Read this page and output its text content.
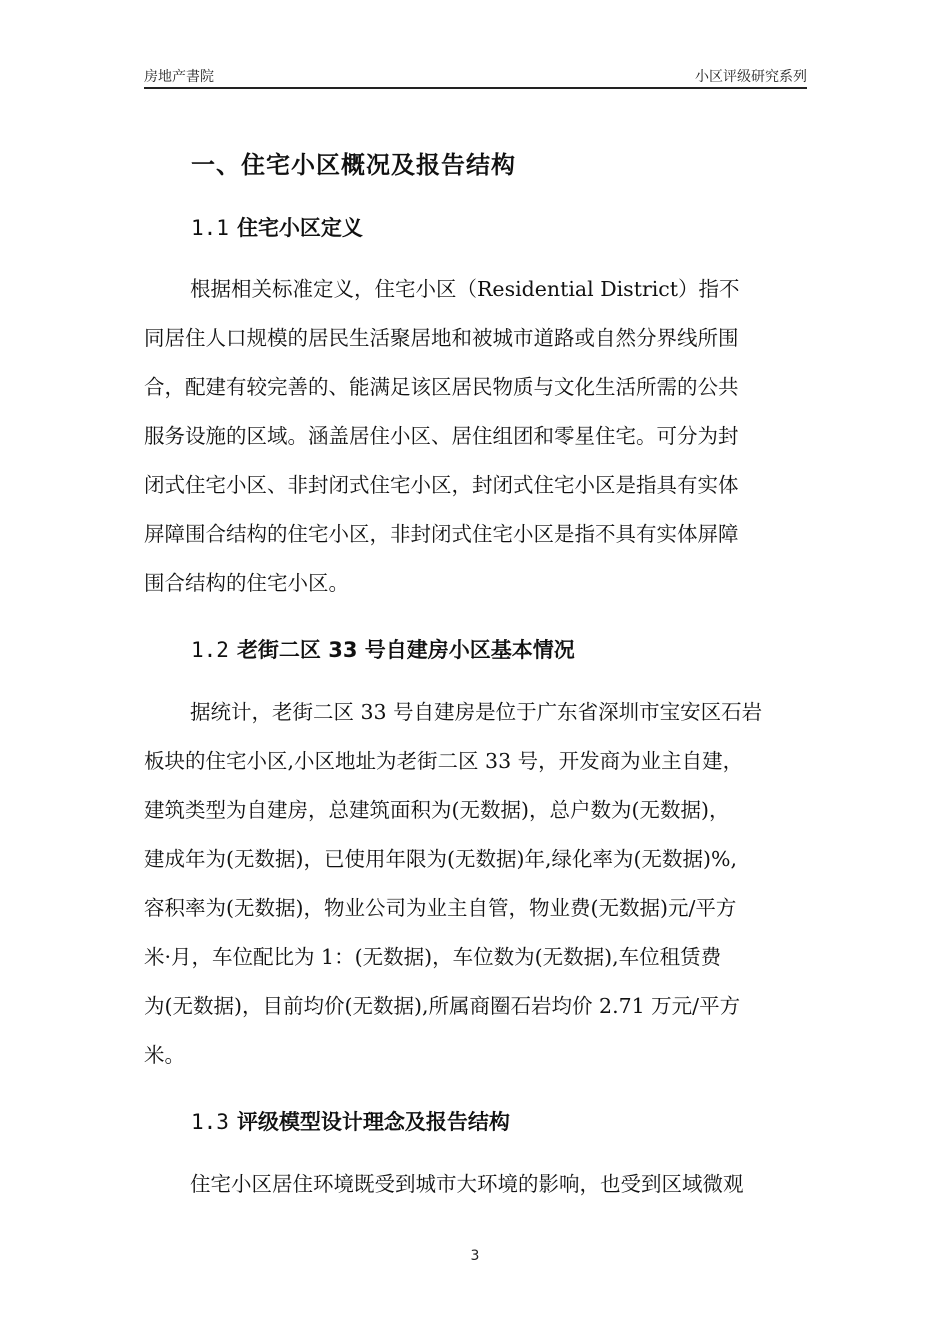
房地产書院	小区评级研究系列
一、住宅小区概况及报告结构
1.1 住宅小区定义
根据相关标准定义，住宅小区（Residential District）指不
同居住人口规模的居民生活聚居地和被城市道路或自然分界线所围
合，配建有较完善的、能满足该区居民物质与文化生活所需的公共
服务设施的区域。涵盖居住小区、居住组团和零星住宅。可分为封
闭式住宅小区、非封闭式住宅小区，封闭式住宅小区是指具有实体
屏障围合结构的住宅小区，非封闭式住宅小区是指不具有实体屏障
围合结构的住宅小区。
1.2 老街二区 33 号自建房小区基本情况
据统计，老街二区 33 号自建房是位于广东省深圳市宝安区石岩
板块的住宅小区,小区地址为老街二区 33 号，开发商为业主自建，
建筑类型为自建房，总建筑面积为(无数据)，总户数为(无数据)，
建成年为(无数据)，已使用年限为(无数据)年,绿化率为(无数据)%,
容积率为(无数据)，物业公司为业主自管，物业费(无数据)元/平方
米·月，车位配比为 1：(无数据)，车位数为(无数据),车位租赁费
为(无数据)，目前均价(无数据),所属商圈石岩均价 2.71 万元/平方
米。
1.3 评级模型设计理念及报告结构
住宅小区居住环境既受到城市大环境的影响，也受到区域微观
3
